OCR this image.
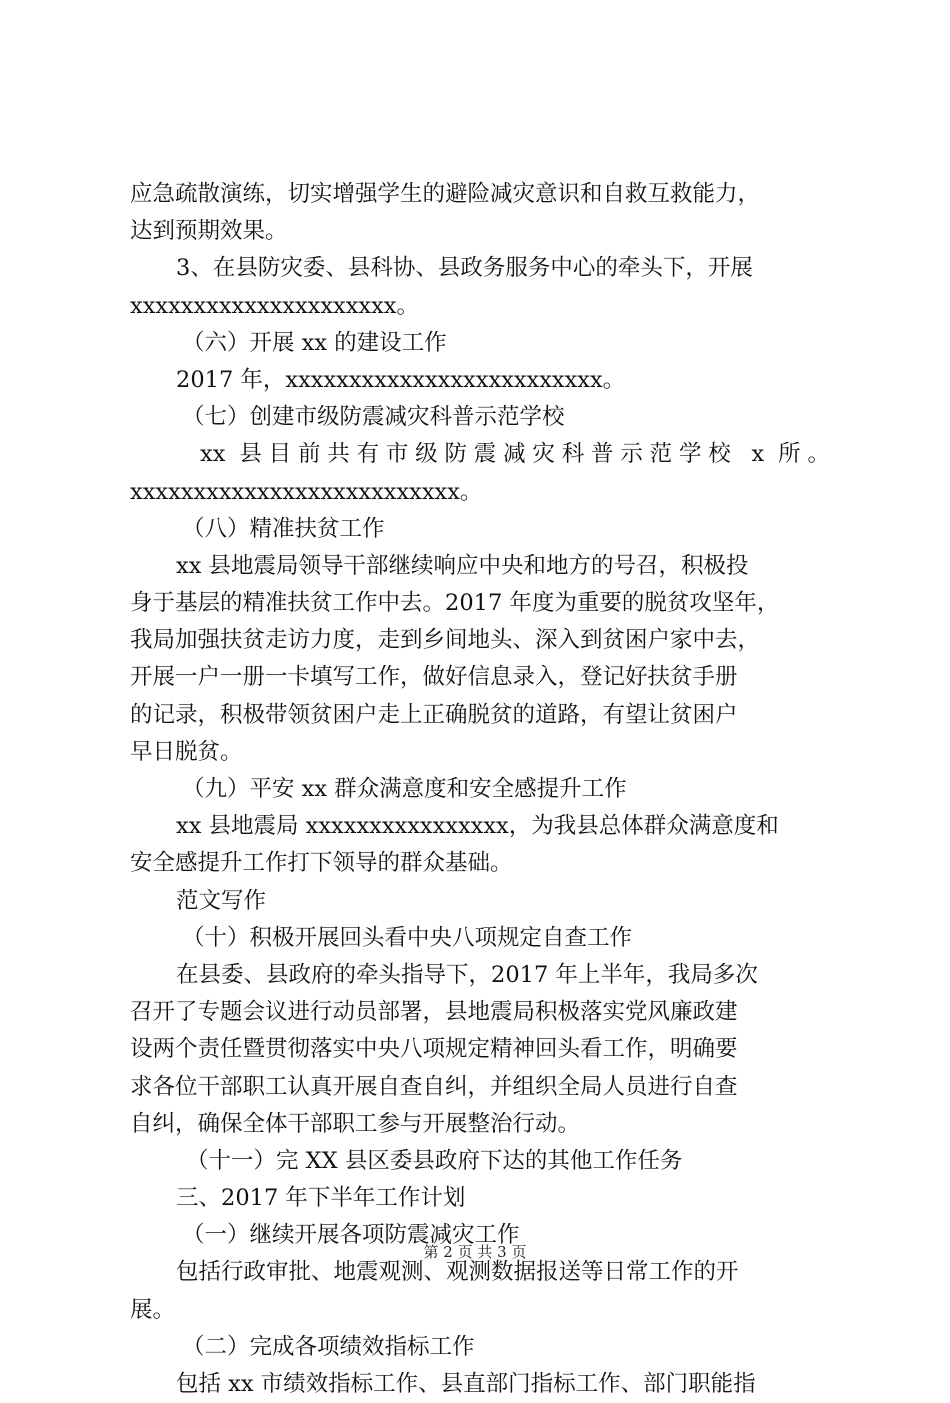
应急疏散演练，切实增强学生的避险减灾意识和自救互救能力，
达到预期效果。
3、在县防灾委、县科协、县政务服务中心的牵头下，开展
xxxxxxxxxxxxxxxxxxxxx。
（六）开展 xx 的建设工作
2017 年，xxxxxxxxxxxxxxxxxxxxxxxxx。
（七）创建市级防震减灾科普示范学校
xx 县目前共有市级防震减灾科普示范学校 x 所。
xxxxxxxxxxxxxxxxxxxxxxxxxx。
（八）精准扶贫工作
xx 县地震局领导干部继续响应中央和地方的号召，积极投
身于基层的精准扶贫工作中去。2017 年度为重要的脱贫攻坚年，
我局加强扶贫走访力度，走到乡间地头、深入到贫困户家中去，
开展一户一册一卡填写工作，做好信息录入，登记好扶贫手册
的记录，积极带领贫困户走上正确脱贫的道路，有望让贫困户
早日脱贫。
（九）平安 xx 群众满意度和安全感提升工作
xx 县地震局 xxxxxxxxxxxxxxxx，为我县总体群众满意度和
安全感提升工作打下领导的群众基础。
范文写作
（十）积极开展回头看中央八项规定自查工作
在县委、县政府的牵头指导下，2017 年上半年，我局多次
召开了专题会议进行动员部署，县地震局积极落实党风廉政建
设两个责任暨贯彻落实中央八项规定精神回头看工作，明确要
求各位干部职工认真开展自查自纠，并组织全局人员进行自查
自纠，确保全体干部职工参与开展整治行动。
（十一）完 XX 县区委县政府下达的其他工作任务
三、2017 年下半年工作计划
（一）继续开展各项防震减灾工作
包括行政审批、地震观测、观测数据报送等日常工作的开
展。
（二）完成各项绩效指标工作
包括 xx 市绩效指标工作、县直部门指标工作、部门职能指
第 2 页 共 3 页
